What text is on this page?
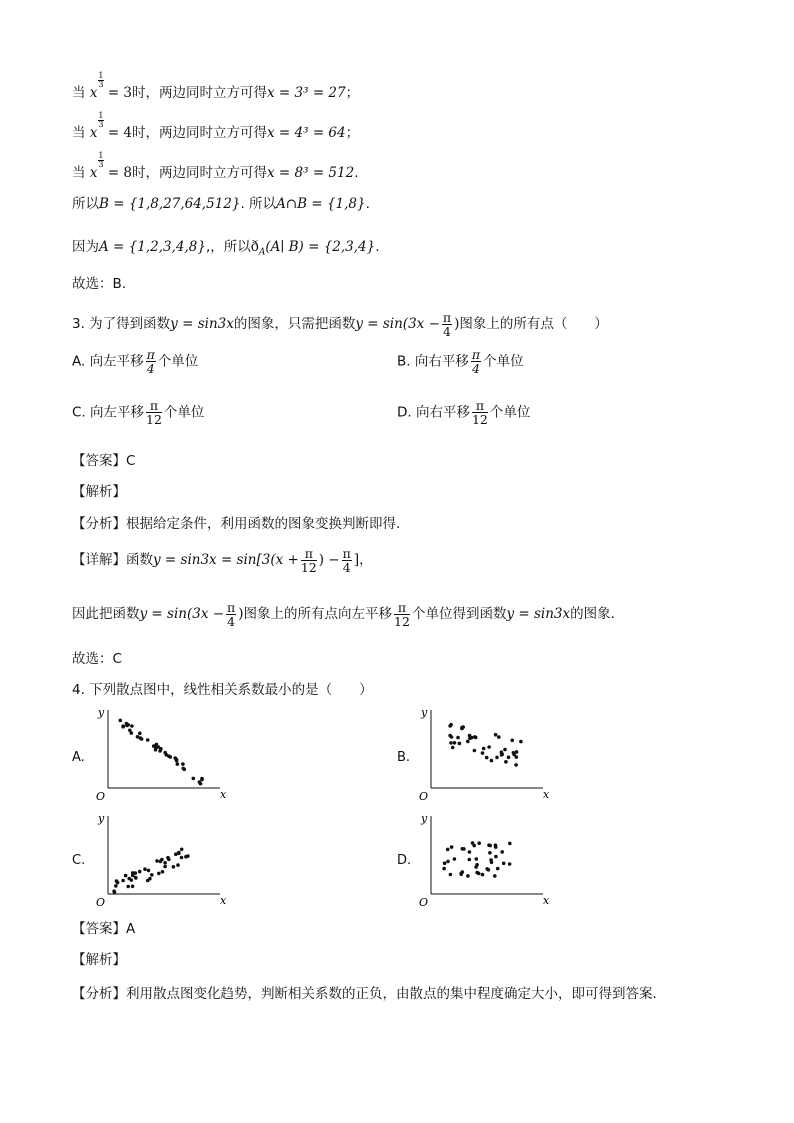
当 x
$\frac{1}{3}$
= 3时，两边同时立方可得x = 3³ = 27；
当 x
$\frac{1}{3}$
= 4时，两边同时立方可得x = 4³ = 64；
当 x
$\frac{1}{3}$
= 8时，两边同时立方可得x = 8³ = 512.
所以B = {1,8,27,64,512}. 所以A∩B = {1,8}.
因为A = {1,2,3,4,8},，所以$ð_A(A∣$ B) = {2,3,4}.
故选：B.
3. 为了得到函数y = sin3x的图象，只需把函数$y = \sin(3x - \frac{\pi}{4}$ )图象上的所有点（　　）
A. 向左平移 $\frac{\pi}{4}$ 个单位	B. 向右平移 $\frac{\pi}{4}$ 个单位
C. 向左平移 $\frac{\pi}{12}$ 个单位	D. 向右平移 $\frac{\pi}{12}$ 个单位
【答案】C
【解析】
【分析】根据给定条件，利用函数的图象变换判断即得.
【详解】函数$y = \sin 3x = \sin[3(x + \frac{\pi}{12}$ ) − $\frac{\pi}{4}$ ]，
因此把函数$y = \sin(3x - \frac{\pi}{4}$ )图象上的所有点向左平移 $\frac{\pi}{12}$ 个单位得到函数y = sin3x的图象.
故选：C
4. 下列散点图中，线性相关系数最小的是（　　）
A.	B.
C.	D.
y
x
O
y
x
O
y
x
O
y
x
O
【答案】A
【解析】
【分析】利用散点图变化趋势，判断相关系数的正负，由散点的集中程度确定大小，即可得到答案.
